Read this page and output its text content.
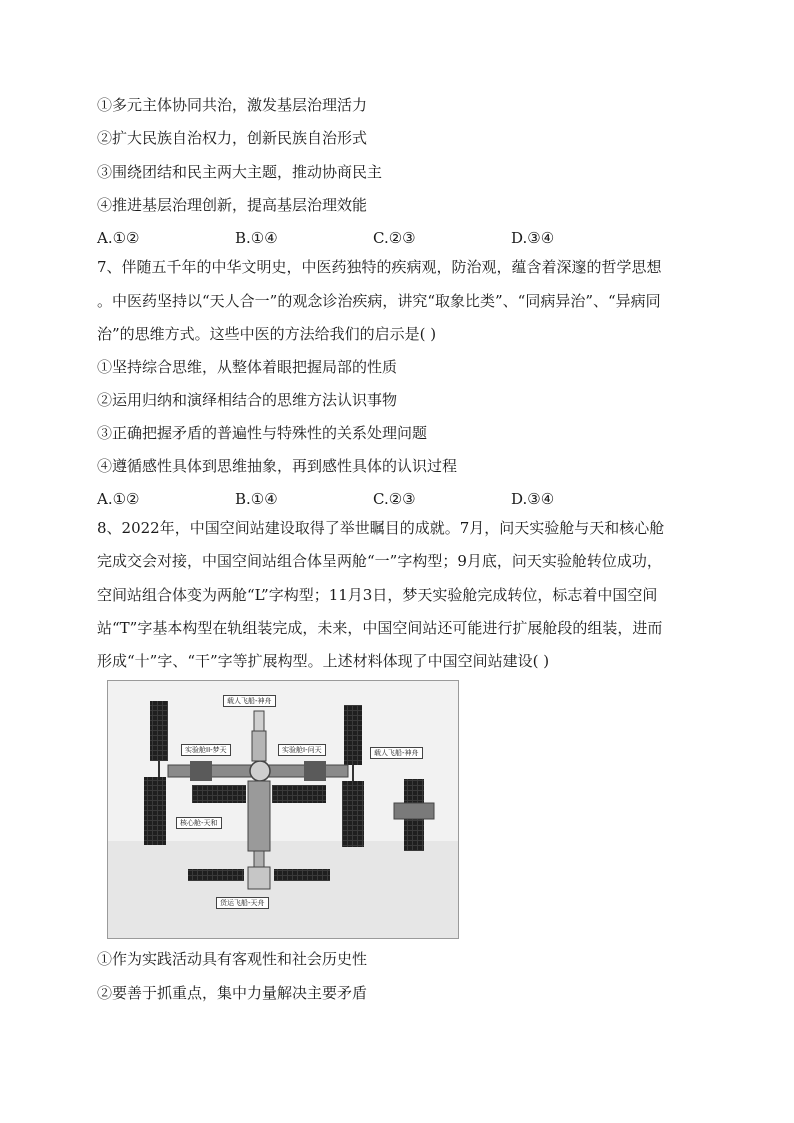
①多元主体协同共治，激发基层治理活力
②扩大民族自治权力，创新民族自治形式
③围绕团结和民主两大主题，推动协商民主
④推进基层治理创新，提高基层治理效能
A.①②	B.①④	C.②③	D.③④
7、伴随五千年的中华文明史，中医药独特的疾病观，防治观，蕴含着深邃的哲学思想
。中医药坚持以“天人合一”的观念诊治疾病，讲究“取象比类”、“同病异治”、“异病同
治”的思维方式。这些中医的方法给我们的启示是( )
①坚持综合思维，从整体着眼把握局部的性质
②运用归纳和演绎相结合的思维方法认识事物
③正确把握矛盾的普遍性与特殊性的关系处理问题
④遵循感性具体到思维抽象，再到感性具体的认识过程
A.①②	B.①④	C.②③	D.③④
8、2022年，中国空间站建设取得了举世瞩目的成就。7月，问天实验舱与天和核心舱
完成交会对接，中国空间站组合体呈两舱“一”字构型；9月底，问天实验舱转位成功，
空间站组合体变为两舱“L”字构型；11月3日，梦天实验舱完成转位，标志着中国空间
站“T”字基本构型在轨组装完成，未来，中国空间站还可能进行扩展舱段的组装，进而
形成“十”字、“干”字等扩展构型。上述材料体现了中国空间站建设( )
载人飞船-神舟
实验舱II-梦天	实验舱I-问天	载人飞船-神舟
核心舱-天和
货运飞船-天舟
①作为实践活动具有客观性和社会历史性
②要善于抓重点，集中力量解决主要矛盾
